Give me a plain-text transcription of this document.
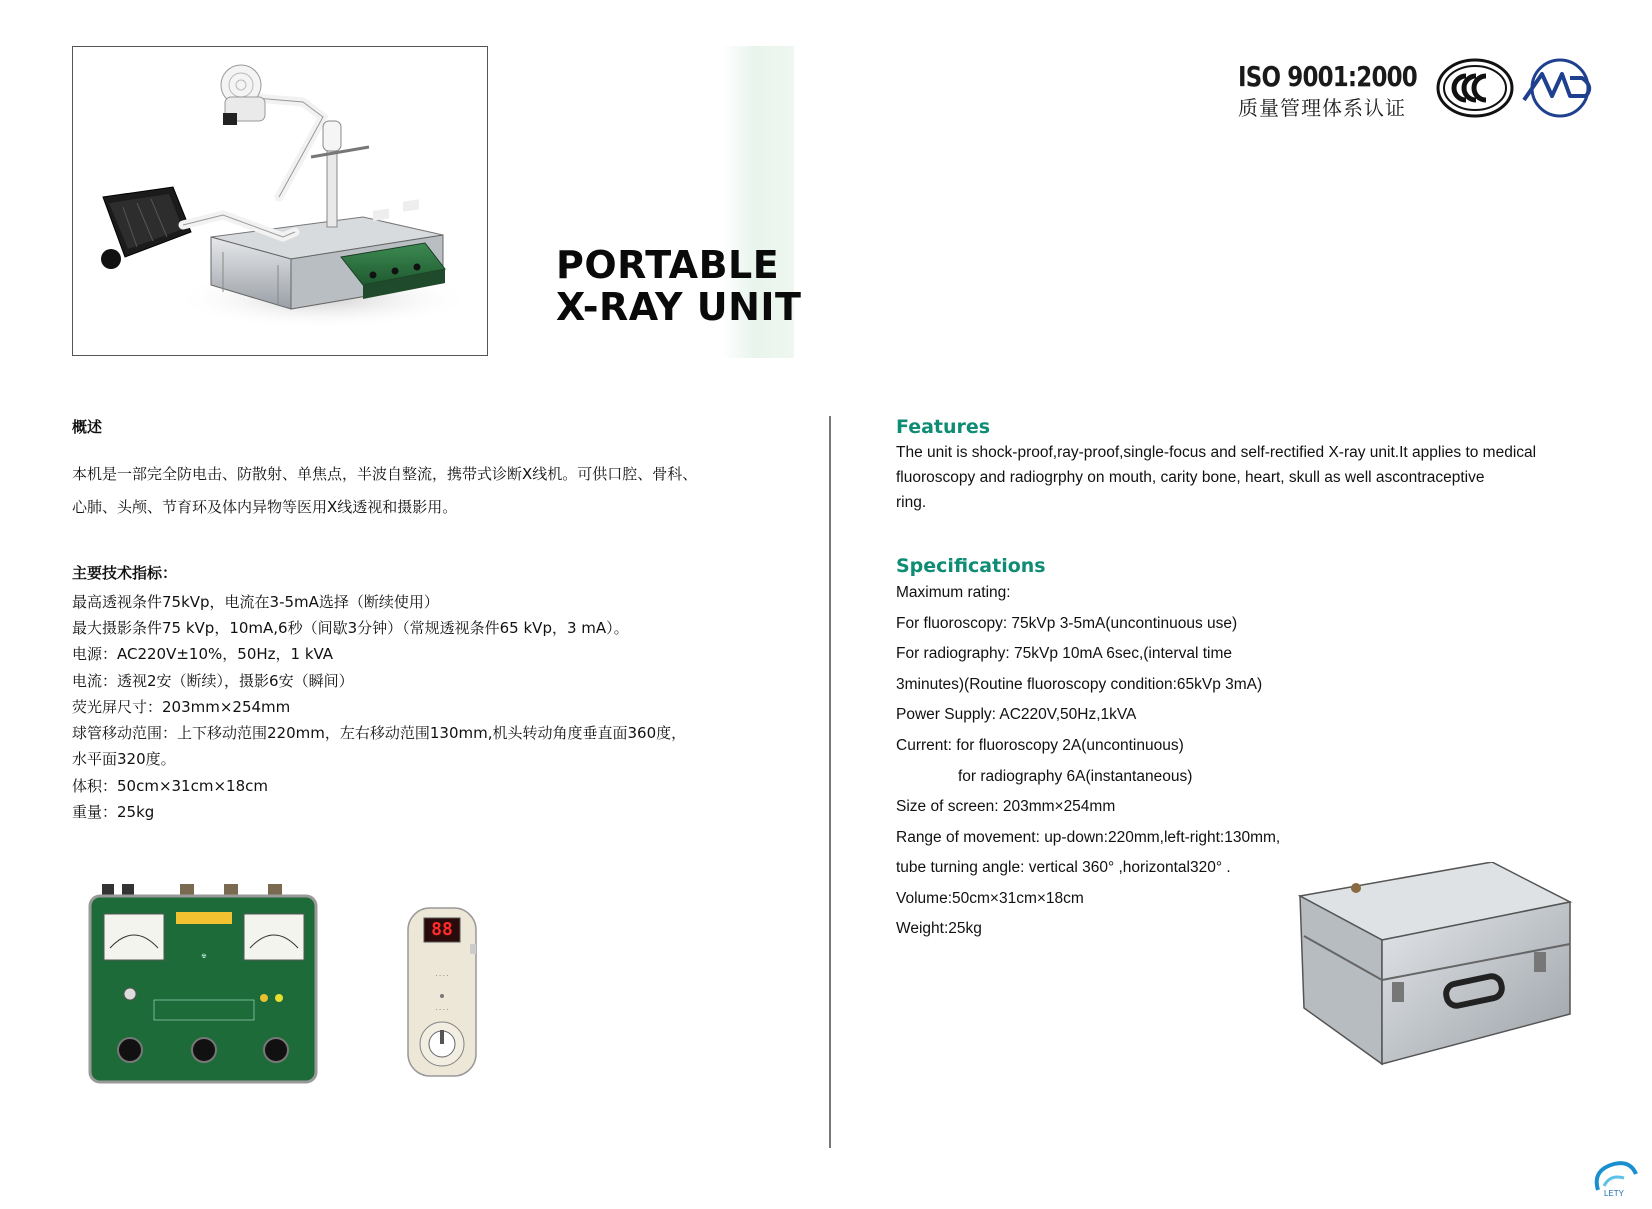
PORTABLE
X-RAY UNIT
ISO 9001:2000
质量管理体系认证
概述
本机是一部完全防电击、防散射、单焦点，半波自整流，携带式诊断X线机。可供口腔、骨科、
心肺、头颅、节育环及体内异物等医用X线透视和摄影用。
主要技术指标：
最高透视条件75kVp，电流在3-5mA选择（断续使用）
最大摄影条件75 kVp，10mA,6秒（间歇3分钟）（常规透视条件65 kVp，3 mA）。
电源：AC220V±10%，50Hz，1 kVA
电流：透视2安（断续），摄影6安（瞬间）
荧光屏尺寸：203mm×254mm
球管移动范围：上下移动范围220mm，左右移动范围130mm,机头转动角度垂直面360度，
水平面320度。
体积：50cm×31cm×18cm
重量：25kg
☢
· · · ·
· · · ·
88
Features
The unit is shock-proof,ray-proof,single-focus and self-rectified X-ray unit.It applies to medical
fluoroscopy and radiogrphy on mouth, carity bone, heart, skull as well ascontraceptive
ring.
Specifications
Maximum rating:
For fluoroscopy: 75kVp 3-5mA(uncontinuous use)
For radiography: 75kVp 10mA 6sec,(interval time
3minutes)(Routine fluoroscopy condition:65kVp 3mA)
Power Supply: AC220V,50Hz,1kVA
Current: for fluoroscopy 2A(uncontinuous)
for radiography 6A(instantaneous)
Size of screen: 203mm×254mm
Range of movement: up-down:220mm,left-right:130mm,
tube turning angle: vertical 360° ,horizontal320° .
Volume:50cm×31cm×18cm
Weight:25kg
LETY
